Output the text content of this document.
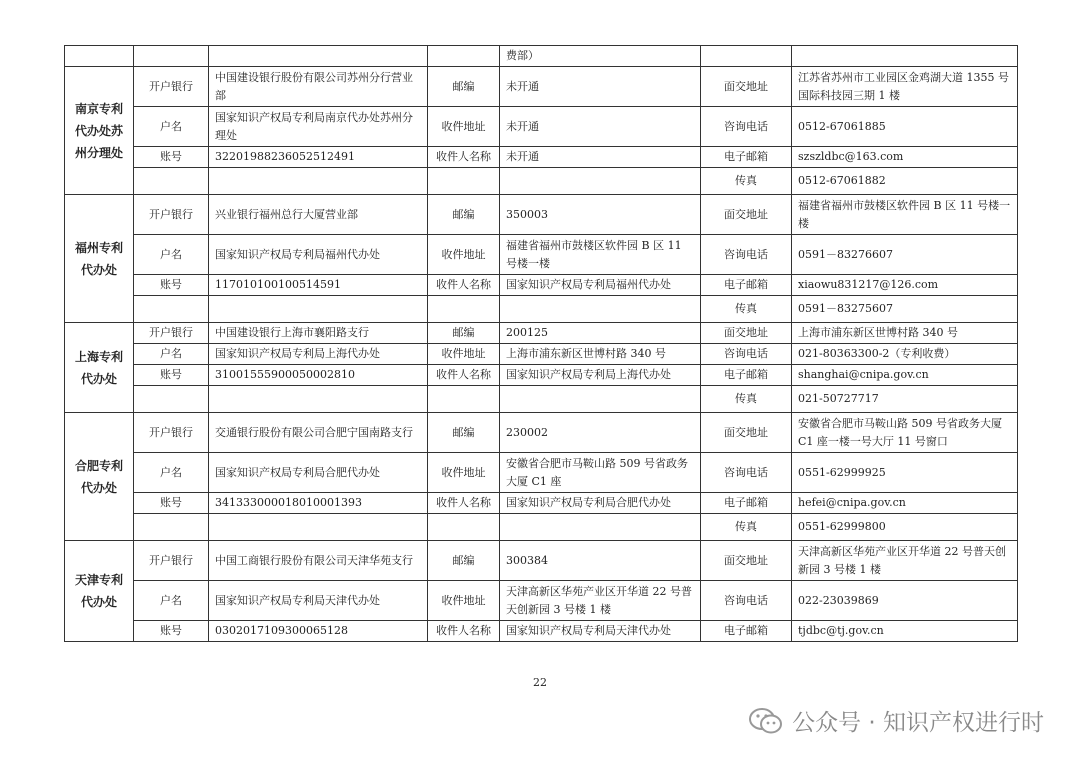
				费部）		
南京专利代办处苏州分理处	开户银行	中国建设银行股份有限公司苏州分行营业部	邮编	未开通	面交地址	江苏省苏州市工业园区金鸡湖大道 1355 号国际科技园三期 1 楼
	户名	国家知识产权局专利局南京代办处苏州分理处	收件地址	未开通	咨询电话	0512-67061885
	账号	32201988236052512491	收件人名称	未开通	电子邮箱	szszldbc@163.com
					传真	0512-67061882
福州专利代办处	开户银行	兴业银行福州总行大厦营业部	邮编	350003	面交地址	福建省福州市鼓楼区软件园 B 区 11 号楼一楼
	户名	国家知识产权局专利局福州代办处	收件地址	福建省福州市鼓楼区软件园 B 区 11 号楼一楼	咨询电话	0591－83276607
	账号	117010100100514591	收件人名称	国家知识产权局专利局福州代办处	电子邮箱	xiaowu831217@126.com
					传真	0591－83275607
上海专利代办处	开户银行	中国建设银行上海市襄阳路支行	邮编	200125	面交地址	上海市浦东新区世博村路 340 号
	户名	国家知识产权局专利局上海代办处	收件地址	上海市浦东新区世博村路 340 号	咨询电话	021-80363300-2（专利收费）
	账号	31001555900050002810	收件人名称	国家知识产权局专利局上海代办处	电子邮箱	shanghai@cnipa.gov.cn
					传真	021-50727717
合肥专利代办处	开户银行	交通银行股份有限公司合肥宁国南路支行	邮编	230002	面交地址	安徽省合肥市马鞍山路 509 号省政务大厦 C1 座一楼一号大厅 11 号窗口
	户名	国家知识产权局专利局合肥代办处	收件地址	安徽省合肥市马鞍山路 509 号省政务大厦 C1 座	咨询电话	0551-62999925
	账号	341333000018010001393	收件人名称	国家知识产权局专利局合肥代办处	电子邮箱	hefei@cnipa.gov.cn
					传真	0551-62999800
天津专利代办处	开户银行	中国工商银行股份有限公司天津华苑支行	邮编	300384	面交地址	天津高新区华苑产业区开华道 22 号普天创新园 3 号楼 1 楼
	户名	国家知识产权局专利局天津代办处	收件地址	天津高新区华苑产业区开华道 22 号普天创新园 3 号楼 1 楼	咨询电话	022-23039869
	账号	0302017109300065128	收件人名称	国家知识产权局专利局天津代办处	电子邮箱	tjdbc@tj.gov.cn
22
公众号 · 知识产权进行时
